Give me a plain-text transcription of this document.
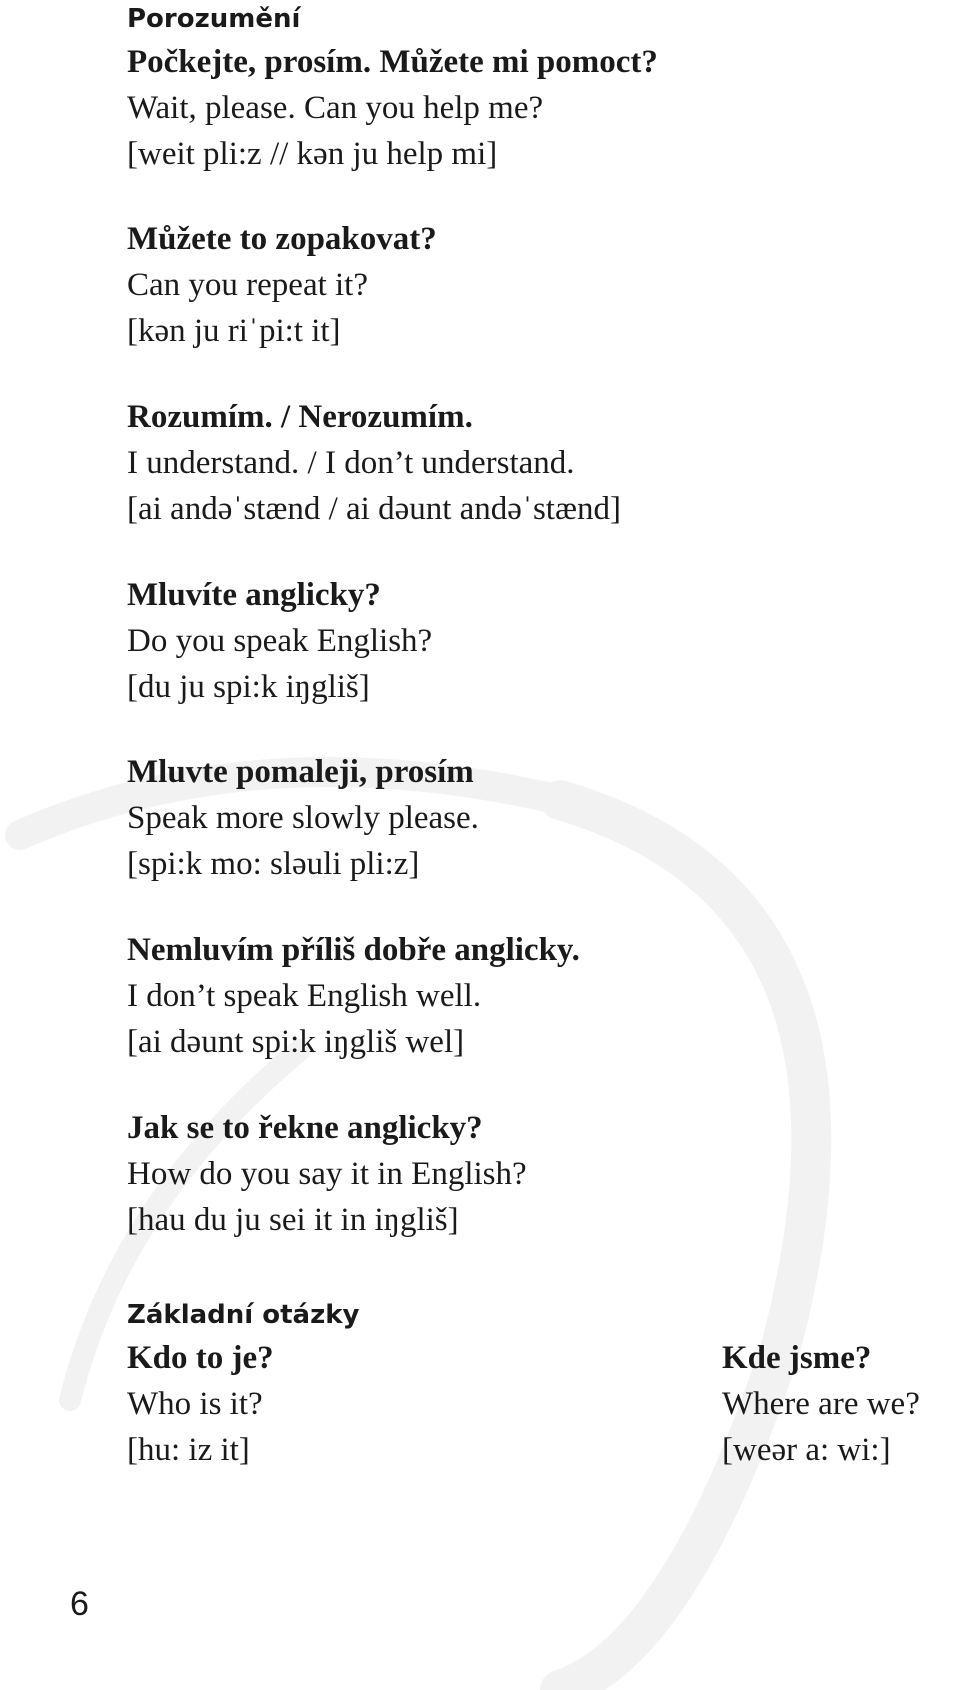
Porozumění

Počkejte, prosím. Můžete mi pomoct?

Wait, please. Can you help me?

[weit pli:z // kən ju help mi]

Můžete to zopakovat?

Can you repeat it?

[kən ju riˈpi:t it]

Rozumím. / Nerozumím.

I understand. / I don’t understand.

[ai andəˈstænd / ai dəunt andəˈstænd]

Mluvíte anglicky?

Do you speak English?

[du ju spi:k iŋgliš]

Mluvte pomaleji, prosím

Speak more slowly please.

[spi:k mo: sləuli pli:z]

Nemluvím příliš dobře anglicky.

I don’t speak English well.

[ai dəunt spi:k iŋgliš wel]

Jak se to řekne anglicky?

How do you say it in English?

[hau du ju sei it in iŋgliš]

Základní otázky

Kdo to je?

Who is it?

[hu: iz it]

Kde jsme?

Where are we?

[weər a: wi:]

6
